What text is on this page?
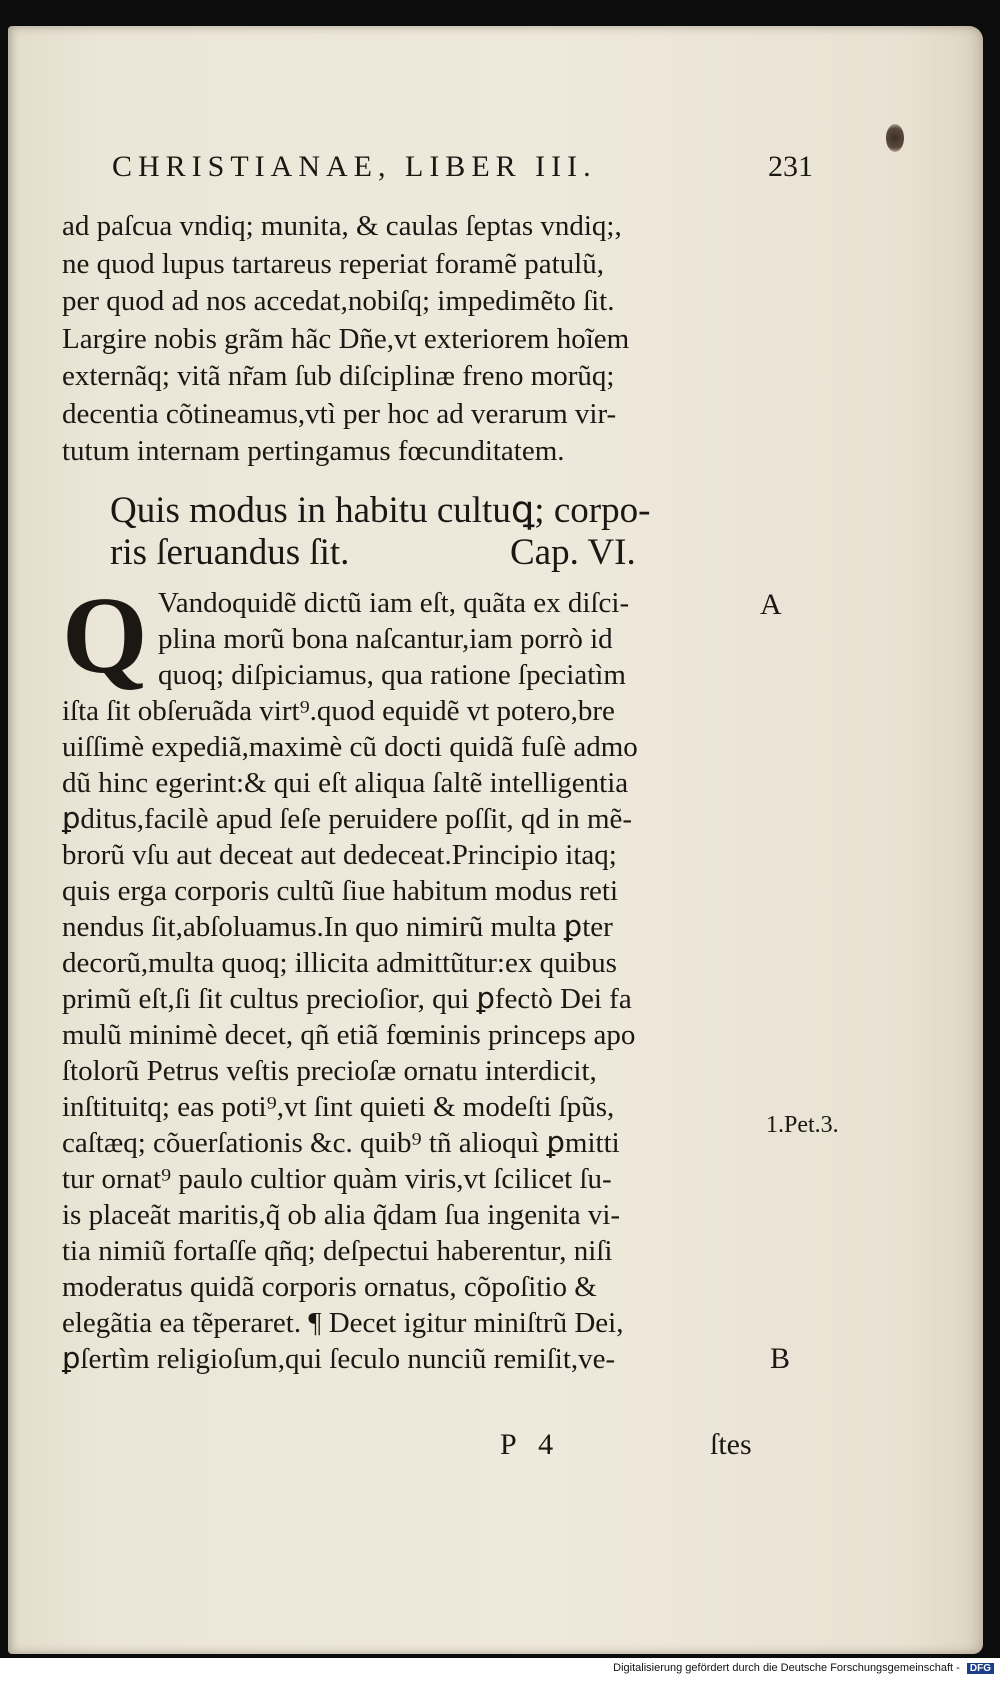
CHRISTIANAE, LIBER III.	231
ad paſcua vndiq; munita, & caulas ſeptas vndiq;,
ne quod lupus tartareus reperiat foramẽ patulũ,
per quod ad nos accedat,nobiſq; impedimẽto ſit.
Largire nobis grãm hãc Dñe,vt exteriorem hoĩem
externãq; vitã nr̃am ſub diſciplinæ freno morũq;
decentia cõtineamus,vtì per hoc ad verarum vir-
tutum internam pertingamus fœcunditatem.
Quis modus in habitu cultuꝗ; corpo-
ris ſeruandus ſit.	Cap. VI.
Q Vandoquidẽ dictũ iam eſt, quãta ex diſci-
plina morũ bona naſcantur,iam porrò id
quoq; diſpiciamus, qua ratione ſpeciatìm
iſta ſit obſeruãda virt⁹.quod equidẽ vt potero,bre
uiſſimè expediã,maximè cũ docti quidã fuſè admo
dũ hinc egerint:& qui eſt aliqua ſaltẽ intelligentia
ꝑditus,facilè apud ſeſe peruidere poſſit, qd in mẽ-
brorũ vſu aut deceat aut dedeceat.Principio itaq;
quis erga corporis cultũ ſiue habitum modus reti
nendus ſit,abſoluamus.In quo nimirũ multa ꝑter
decorũ,multa quoq; illicita admittũtur:ex quibus
primũ eſt,ſi ſit cultus precioſior, qui ꝑfectò Dei fa
mulũ minimè decet, qñ etiã fœminis princeps apo
ſtolorũ Petrus veſtis precioſæ ornatu interdicit,
inſtituitq; eas poti⁹,vt ſint quieti & modeſti ſpũs,
caſtæq; cõuerſationis &c. quib⁹ tñ alioquì ꝑmitti
tur ornat⁹ paulo cultior quàm viris,vt ſcilicet ſu-
is placeãt maritis,q̃ ob alia q̃dam ſua ingenita vi-
tia nimiũ fortaſſe qñq; deſpectui haberentur, niſi
moderatus quidã corporis ornatus, cõpoſitio &
elegãtia ea tẽperaret. ¶ Decet igitur miniſtrũ Dei,
ꝑſertìm religioſum,qui ſeculo nunciũ remiſit,ve-
A
1.Pet.3.
B
P   4	ſtes
Digitalisierung gefördert durch die Deutsche Forschungsgemeinschaft - DFG
